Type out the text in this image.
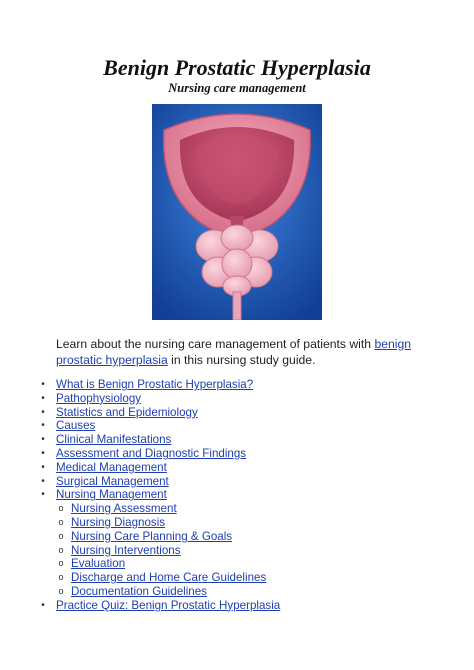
Benign Prostatic Hyperplasia
Nursing care management
Learn about the nursing care management of patients with benign prostatic hyperplasia in this nursing study guide.
• What is Benign Prostatic Hyperplasia?
• Pathophysiology
• Statistics and Epidemiology
• Causes
• Clinical Manifestations
• Assessment and Diagnostic Findings
• Medical Management
• Surgical Management
• Nursing Management
o Nursing Assessment
o Nursing Diagnosis
o Nursing Care Planning & Goals
o Nursing Interventions
o Evaluation
o Discharge and Home Care Guidelines
o Documentation Guidelines
• Practice Quiz: Benign Prostatic Hyperplasia
